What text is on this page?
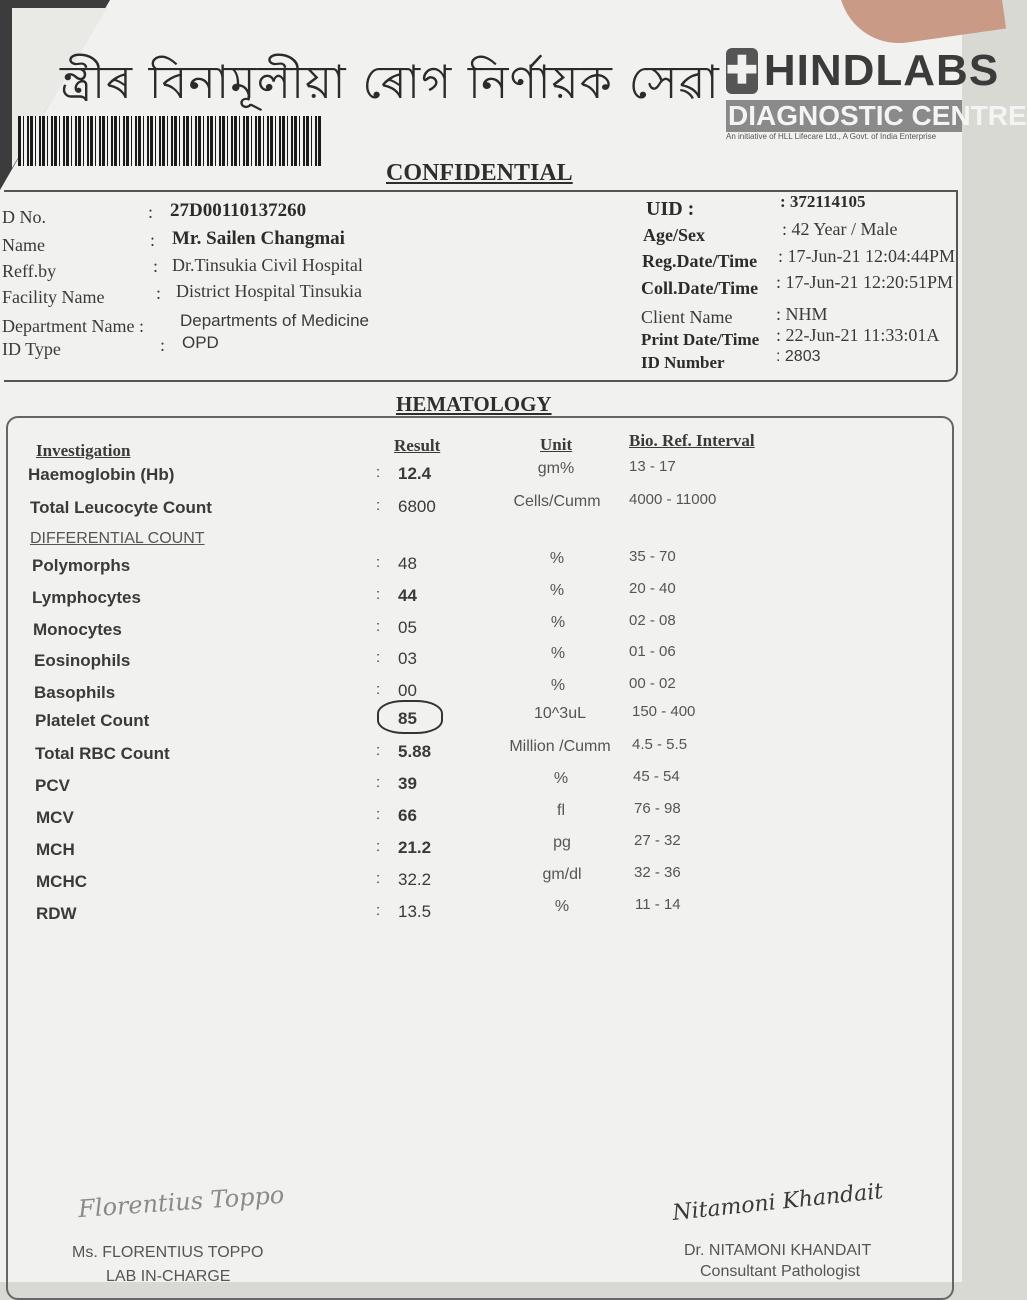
ন্ত্ৰীৰ বিনামূলীয়া ৰোগ নিৰ্ণায়ক সেৱা ✚ HINDLABS
DIAGNOSTIC CENTRE
An initiative of HLL Lifecare Ltd., A Govt. of India Enterprise
CONFIDENTIAL
D No.	: 27D00110137260
Name	: Mr. Sailen Changmai
Reff.by	: Dr.Tinsukia Civil Hospital
Facility Name	: District Hospital Tinsukia
Department Name : Departments of Medicine
ID Type	: OPD
UID :	: 372114105
Age/Sex	: 42 Year / Male
Reg.Date/Time : 17-Jun-21 12:04:44PM
Coll.Date/Time : 17-Jun-21 12:20:51PM
Client Name : NHM
Print Date/Time : 22-Jun-21 11:33:01A
ID Number	: 2803
HEMATOLOGY
Investigation	Result	Unit	Bio. Ref. Interval
DIFFERENTIAL COUNT
Haemoglobin (Hb)	: 12.4	gm%	13 - 17
Total Leucocyte Count	: 6800	Cells/Cumm 4000 - 11000
Polymorphs	: 48	%	35 - 70
Lymphocytes	: 44	%	20 - 40
Monocytes	: 05	%	02 - 08
Eosinophils	: 03	%	01 - 06
Basophils	: 00	%	00 - 02
Platelet Count	: 85	10^3uL	150 - 400
Total RBC Count	: 5.88	Million /Cumm 4.5 - 5.5
PCV	: 39	%	45 - 54
MCV	: 66	fl	76 - 98
MCH	: 21.2	pg	27 - 32
MCHC	: 32.2	gm/dl	32 - 36
RDW	: 13.5	%	11 - 14
Florentius Toppo
Ms. FLORENTIUS TOPPO
LAB IN-CHARGE
Nitamoni Khandait
Dr. NITAMONI KHANDAIT
Consultant Pathologist
